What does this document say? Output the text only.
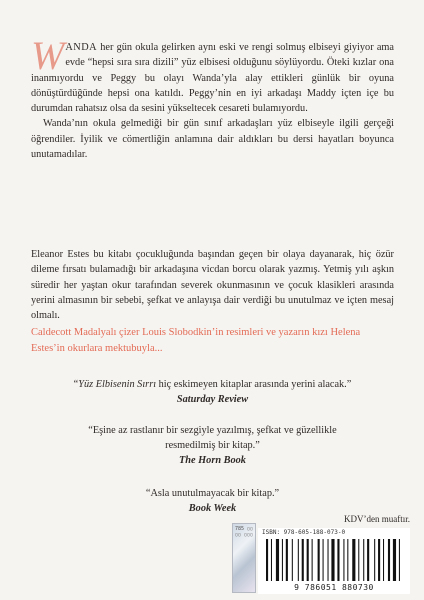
WANDA her gün okula gelirken aynı eski ve rengi solmuş elbiseyi giyiyor ama evde “hepsi sıra sıra dizili” yüz elbisesi olduğunu söylüyordu. Öteki kızlar ona inanmıyordu ve Peggy bu olayı Wanda’yla alay ettikleri günlük bir oyuna dönüştürdüğünde hepsi ona katıldı. Peggy’nin en iyi arkadaşı Maddy içten içe bu durumdan rahatsız olsa da sesini yükseltecek cesareti bulamıyordu.

Wanda’nın okula gelmediği bir gün sınıf arkadaşları yüz elbiseyle ilgili gerçeği öğrendiler. İyilik ve cömertliğin anlamına dair aldıkları bu dersi hayatları boyunca unutamadılar.

Eleanor Estes bu kitabı çocukluğunda başından geçen bir olaya dayanarak, hiç özür dileme fırsatı bulamadığı bir arkadaşına vicdan borcu olarak yazmış. Yetmiş yılı aşkın süredir her yaştan okur tarafından severek okunmasının ve çocuk klasikleri arasında yerini almasının bir sebebi, şefkat ve anlayışa dair verdiği bu unutulmaz ve içten mesaj olmalı.

Caldecott Madalyalı çizer Louis Slobodkin’in resimleri ve yazarın kızı Helena Estes’in okurlara mektubuyla...
“Yüz Elbisenin Sırrı hiç eskimeyen kitaplar arasında yerini alacak.”
Saturday Review
“Eşine az rastlanır bir sezgiyle yazılmış, şefkat ve güzellikle
resmedilmiş bir kitap.”
The Horn Book
“Asla unutulmayacak bir kitap.”
Book Week
KDV’den muaftır.
785 ▯▯ ▯▯ ▯▯▯	ISBN: 978-605-188-073-0
9 786051 880730
